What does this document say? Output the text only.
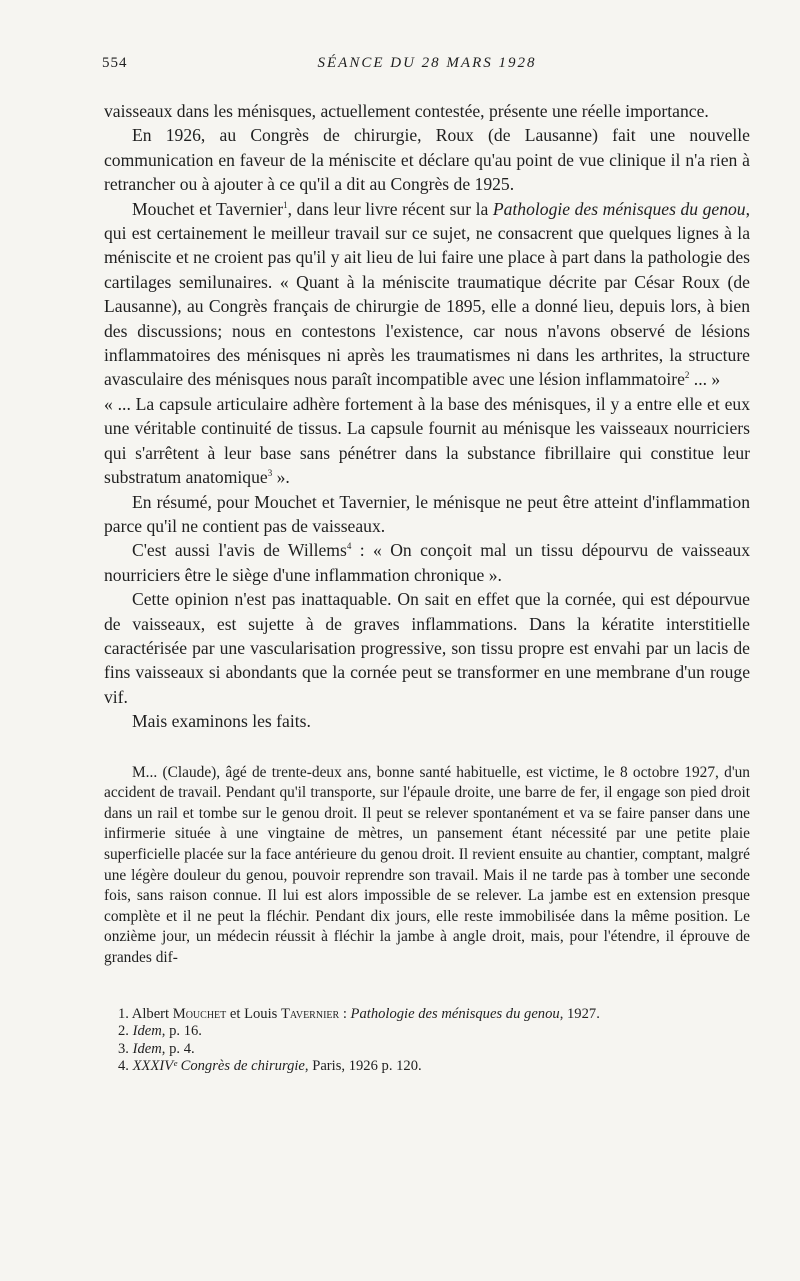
554	SÉANCE DU 28 MARS 1928

vaisseaux dans les ménisques, actuellement contestée, présente une réelle importance.

En 1926, au Congrès de chirurgie, Roux (de Lausanne) fait une nouvelle communication en faveur de la méniscite et déclare qu'au point de vue clinique il n'a rien à retrancher ou à ajouter à ce qu'il a dit au Congrès de 1925.

Mouchet et Tavernier$^1$, dans leur livre récent sur la Pathologie des ménisques du genou, qui est certainement le meilleur travail sur ce sujet, ne consacrent que quelques lignes à la méniscite et ne croient pas qu'il y ait lieu de lui faire une place à part dans la pathologie des cartilages semilunaires. « Quant à la méniscite traumatique décrite par César Roux (de Lausanne), au Congrès français de chirurgie de 1895, elle a donné lieu, depuis lors, à bien des discussions; nous en contestons l'existence, car nous n'avons observé de lésions inflammatoires des ménisques ni après les traumatismes ni dans les arthrites, la structure avasculaire des ménisques nous paraît incompatible avec une lésion inflammatoire$^2$ ... »

« ... La capsule articulaire adhère fortement à la base des ménisques, il y a entre elle et eux une véritable continuité de tissus. La capsule fournit au ménisque les vaisseaux nourriciers qui s'arrêtent à leur base sans pénétrer dans la substance fibrillaire qui constitue leur substratum anatomique$^3$ ».

En résumé, pour Mouchet et Tavernier, le ménisque ne peut être atteint d'inflammation parce qu'il ne contient pas de vaisseaux.

C'est aussi l'avis de Willems$^4$ : « On conçoit mal un tissu dépourvu de vaisseaux nourriciers être le siège d'une inflammation chronique ».

Cette opinion n'est pas inattaquable. On sait en effet que la cornée, qui est dépourvue de vaisseaux, est sujette à de graves inflammations. Dans la kératite interstitielle caractérisée par une vascularisation progressive, son tissu propre est envahi par un lacis de fins vaisseaux si abondants que la cornée peut se transformer en une membrane d'un rouge vif.

Mais examinons les faits.

M... (Claude), âgé de trente-deux ans, bonne santé habituelle, est victime, le 8 octobre 1927, d'un accident de travail. Pendant qu'il transporte, sur l'épaule droite, une barre de fer, il engage son pied droit dans un rail et tombe sur le genou droit. Il peut se relever spontanément et va se faire panser dans une infirmerie située à une vingtaine de mètres, un pansement étant nécessité par une petite plaie superficielle placée sur la face antérieure du genou droit. Il revient ensuite au chantier, comptant, malgré une légère douleur du genou, pouvoir reprendre son travail. Mais il ne tarde pas à tomber une seconde fois, sans raison connue. Il lui est alors impossible de se relever. La jambe est en extension presque complète et il ne peut la fléchir. Pendant dix jours, elle reste immobilisée dans la même position. Le onzième jour, un médecin réussit à fléchir la jambe à angle droit, mais, pour l'étendre, il éprouve de grandes dif-

1. Albert Mouchet et Louis Tavernier : Pathologie des ménisques du genou, 1927.
2. Idem, p. 16.
3. Idem, p. 4.
4. XXXIVᵉ Congrès de chirurgie, Paris, 1926 p. 120.
